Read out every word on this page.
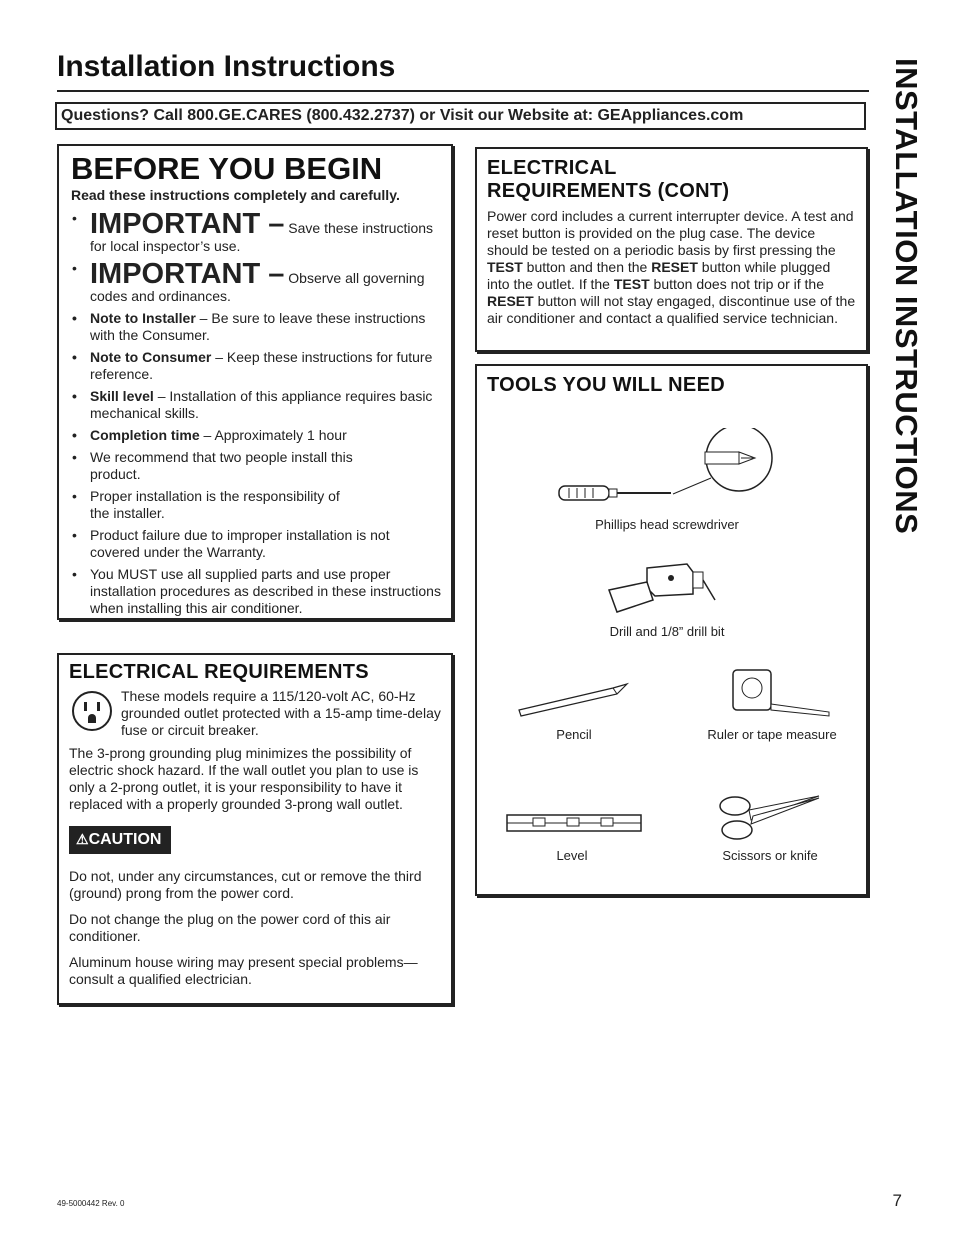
Installation Instructions
Questions? Call 800.GE.CARES (800.432.2737) or Visit our Website at: GEAppliances.com	INSTALLATION INSTRUCTIONS
BEFORE YOU BEGIN
Read these instructions completely and carefully.
• IMPORTANT – Save these instructions for local inspector’s use.
• IMPORTANT – Observe all governing codes and ordinances.
• Note to Installer – Be sure to leave these instructions with the Consumer.
• Note to Consumer – Keep these instructions for future reference.
• Skill level – Installation of this appliance requires basic mechanical skills.
• Completion time – Approximately 1 hour
• We recommend that two people install this product.
• Proper installation is the responsibility of the installer.
• Product failure due to improper installation is not covered under the Warranty.
• You MUST use all supplied parts and use proper installation procedures as described in these instructions when installing this air conditioner.
ELECTRICAL REQUIREMENTS

These models require a 115/120-volt AC, 60-Hz grounded outlet protected with a 15-amp time-delay fuse or circuit breaker.

The 3-prong grounding plug minimizes the possibility of electric shock hazard. If the wall outlet you plan to use is only a 2-prong outlet, it is your responsibility to have it replaced with a properly grounded 3-prong wall outlet.

⚠CAUTION

Do not, under any circumstances, cut or remove the third (ground) prong from the power cord.

Do not change the plug on the power cord of this air conditioner.

Aluminum house wiring may present special problems—consult a qualified electrician.

ELECTRICAL REQUIREMENTS (CONT)

Power cord includes a current interrupter device. A test and reset button is provided on the plug case. The device should be tested on a periodic basis by first pressing the TEST button and then the RESET button while plugged into the outlet. If the TEST button does not trip or if the RESET button will not stay engaged, discontinue use of the air conditioner and contact a qualified service technician.

TOOLS YOU WILL NEED
Phillips head screwdriver
Drill and 1/8” drill bit
Pencil	Ruler or tape measure
Level	Scissors or knife
49-5000442 Rev. 0	7
